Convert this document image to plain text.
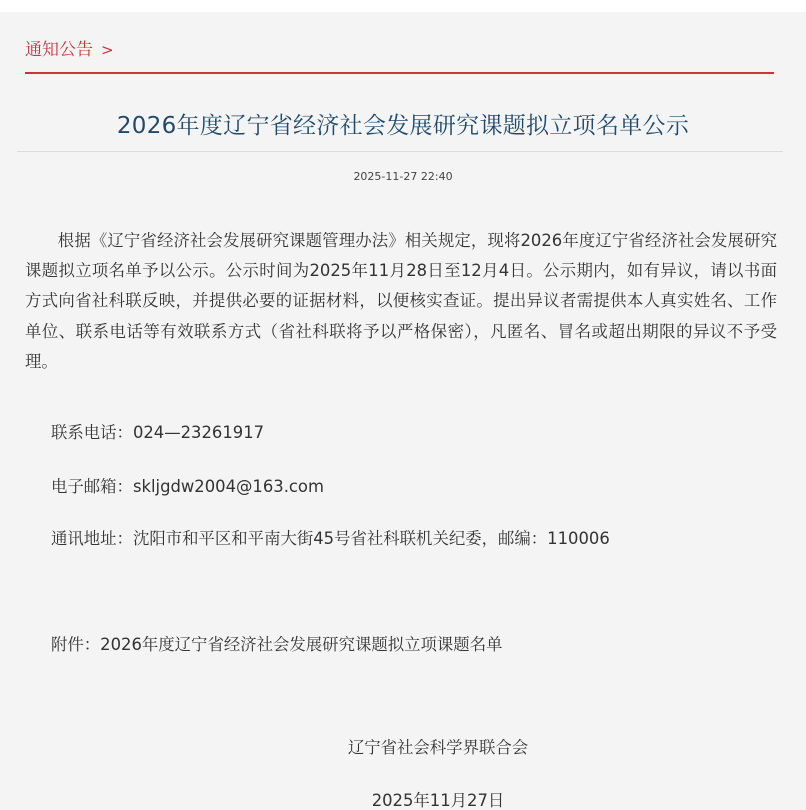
通知公告 >
2026年度辽宁省经济社会发展研究课题拟立项名单公示
2025-11-27 22:40
根据《辽宁省经济社会发展研究课题管理办法》相关规定，现将2026年度辽宁省经济社会发展研究课题拟立项名单予以公示。公示时间为2025年11月28日至12月4日。公示期内，如有异议，请以书面方式向省社科联反映，并提供必要的证据材料，以便核实查证。提出异议者需提供本人真实姓名、工作单位、联系电话等有效联系方式（省社科联将予以严格保密），凡匿名、冒名或超出期限的异议不予受理。
联系电话：024—23261917
电子邮箱：skljgdw2004@163.com
通讯地址：沈阳市和平区和平南大街45号省社科联机关纪委，邮编：110006
附件：2026年度辽宁省经济社会发展研究课题拟立项课题名单
辽宁省社会科学界联合会
2025年11月27日
